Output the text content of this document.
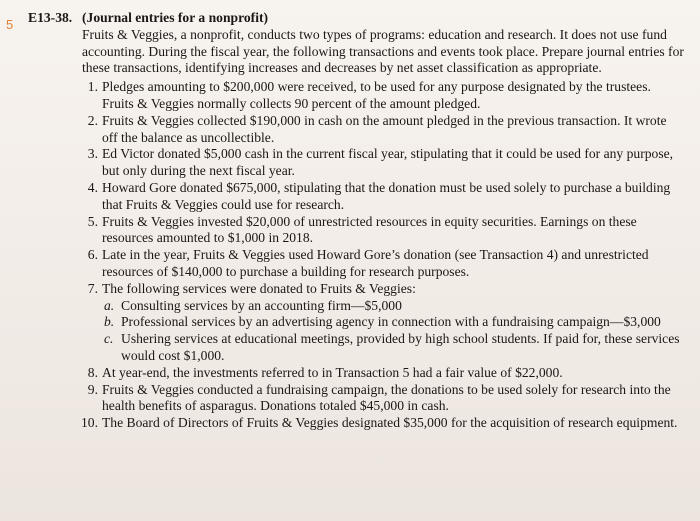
5 E13-38. (Journal entries for a nonprofit)
Fruits & Veggies, a nonprofit, conducts two types of programs: education and research. It does not use fund accounting. During the fiscal year, the following transactions and events took place. Prepare journal entries for these transactions, identifying increases and decreases by net asset classification as appropriate.
1. Pledges amounting to $200,000 were received, to be used for any purpose designated by the trustees. Fruits & Veggies normally collects 90 percent of the amount pledged.
2. Fruits & Veggies collected $190,000 in cash on the amount pledged in the previous transaction. It wrote off the balance as uncollectible.
3. Ed Victor donated $5,000 cash in the current fiscal year, stipulating that it could be used for any purpose, but only during the next fiscal year.
4. Howard Gore donated $675,000, stipulating that the donation must be used solely to purchase a building that Fruits & Veggies could use for research.
5. Fruits & Veggies invested $20,000 of unrestricted resources in equity securities. Earnings on these resources amounted to $1,000 in 2018.
6. Late in the year, Fruits & Veggies used Howard Gore’s donation (see Transaction 4) and unrestricted resources of $140,000 to purchase a building for research purposes.
7. The following services were donated to Fruits & Veggies:
a. Consulting services by an accounting firm—$5,000
b. Professional services by an advertising agency in connection with a fundraising campaign—$3,000
c. Ushering services at educational meetings, provided by high school students. If paid for, these services would cost $1,000.
8. At year-end, the investments referred to in Transaction 5 had a fair value of $22,000.
9. Fruits & Veggies conducted a fundraising campaign, the donations to be used solely for research into the health benefits of asparagus. Donations totaled $45,000 in cash.
10. The Board of Directors of Fruits & Veggies designated $35,000 for the acquisition of research equipment.
